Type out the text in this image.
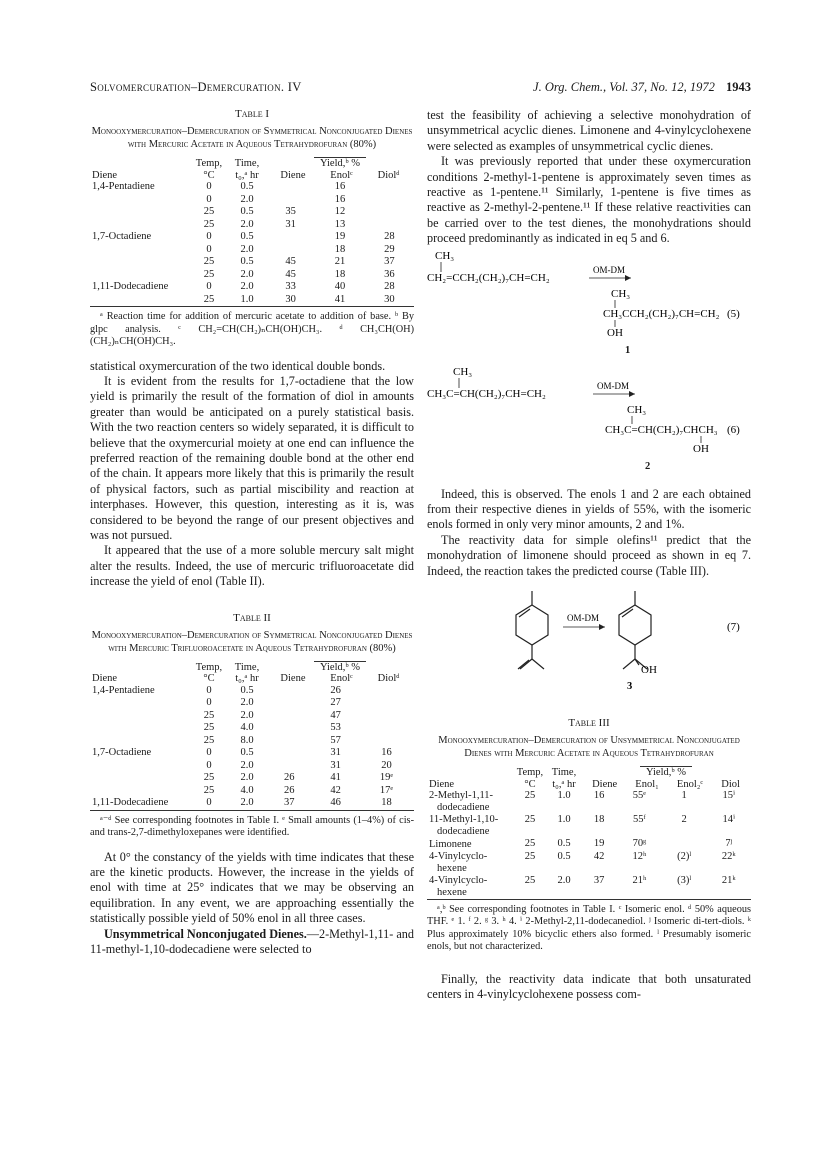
Solvomercuration–Demercuration. IV	J. Org. Chem., Vol. 37, No. 12, 1972 1943
Table I
Monooxymercuration–Demercuration of Symmetrical Nonconjugated Dienes with Mercuric Acetate in Aqueous Tetrahydrofuran (80%)
Diene	Temp, °C	Time, t₀,ᵃ hr	Yield,ᵇ %
Diene Enolᶜ Diolᵈ		

1,4-Pentadiene	0	0.5		16	
	0	2.0		16	
	25	0.5	35	12	
	25	2.0	31	13	
1,7-Octadiene	0	0.5		19	28
	0	2.0		18	29
	25	0.5	45	21	37
	25	2.0	45	18	36
1,11-Dodecadiene	0	2.0	33	40	28
	25	1.0	30	41	30
ᵃ Reaction time for addition of mercuric acetate to addition of base. ᵇ By glpc analysis. ᶜ CH₂=CH(CH₂)ₙCH(OH)CH₃. ᵈ CH₃CH(OH)(CH₂)ₙCH(OH)CH₃.

statistical oxymercuration of the two identical double bonds.

It is evident from the results for 1,7-octadiene that the low yield is primarily the result of the formation of diol in amounts greater than would be anticipated on a purely statistical basis. With the two reaction centers so widely separated, it is difficult to believe that the oxymercurial moiety at one end can influence the preferred reaction of the remaining double bond at the other end of the chain. It appears more likely that this is primarily the result of physical factors, such as partial miscibility and reaction at interphases. However, this question, interesting as it is, was considered to be beyond the range of our present objectives and was not pursued.

It appeared that the use of a more soluble mercury salt might alter the results. Indeed, the use of mercuric trifluoroacetate did increase the yield of enol (Table II).

Table II
Monooxymercuration–Demercuration of Symmetrical Nonconjugated Dienes with Mercuric Trifluoroacetate in Aqueous Tetrahydrofuran (80%)
Diene	Temp, °C	Time, t₀,ᵃ hr	Yield,ᵇ %
Diene Enolᶜ Diolᵈ		

1,4-Pentadiene	0	0.5		26	
	0	2.0		27	
	25	2.0		47	
	25	4.0		53	
	25	8.0		57	
1,7-Octadiene	0	0.5		31	16
	0	2.0		31	20
	25	2.0	26	41	19ᵉ
	25	4.0	26	42	17ᵉ
1,11-Dodecadiene	0	2.0	37	46	18
ᵃ⁻ᵈ See corresponding footnotes in Table I. ᵉ Small amounts (1–4%) of cis- and trans-2,7-dimethyloxepanes were identified.

At 0° the constancy of the yields with time indicates that these are the kinetic products. However, the increase in the yields of enol with time at 25° indicates that we may be observing an equilibration. In any event, we are approaching essentially the statistically possible yield of 50% enol in all three cases.

Unsymmetrical Nonconjugated Dienes.—2-Methyl-1,11- and 11-methyl-1,10-dodecadiene were selected to

test the feasibility of achieving a selective monohydration of unsymmetrical acyclic dienes. Limonene and 4-vinylcyclohexene were selected as examples of unsymmetrical cyclic dienes.

It was previously reported that under these oxymercuration conditions 2-methyl-1-pentene is approximately seven times as reactive as 1-pentene.¹¹ Similarly, 1-pentene is five times as reactive as 2-methyl-2-pentene.¹¹ If these relative reactivities can be carried over to the test dienes, the monohydrations should proceed predominantly as indicated in eq 5 and 6.

CH₃
CH₂=CCH₂(CH₂)₇CH=CH₂
OM-DM
CH₃
CH₃CCH₂(CH₂)₇CH=CH₂ (5)
OH
1
CH₃
CH₃C=CH(CH₂)₇CH=CH₂
OM-DM
CH₃
CH₃C=CH(CH₂)₇CHCH₃ (6)
OH
2

Indeed, this is observed. The enols 1 and 2 are each obtained from their respective dienes in yields of 55%, with the isomeric enols formed in only very minor amounts, 2 and 1%.

The reactivity data for simple olefins¹¹ predict that the monohydration of limonene should proceed as shown in eq 7. Indeed, the reaction takes the predicted course (Table III).

OM-DM
OH
3
(7)
Table III
Monooxymercuration–Demercuration of Unsymmetrical Nonconjugated Dienes with Mercuric Acetate in Aqueous Tetrahydrofuran
Diene	Temp, °C	Time, t₀,ᵃ hr	Yield,ᵇ %
Diene Enol₁ Enol₂ᶜ Diol			

2-Methyl-1,11-
dodecadiene	25	1.0	16	55ᵉ	1	15ⁱ

11-Methyl-1,10-
dodecadiene	25	1.0	18	55ᶠ	2	14ⁱ

Limonene	25	0.5	19	70ᵍ		7ʲ

4-Vinylcyclo-
hexene	25	0.5	42	12ʰ	(2)ˡ	22ᵏ

4-Vinylcyclo-
hexene	25	2.0	37	21ʰ	(3)ˡ	21ᵏ
ᵃ,ᵇ See corresponding footnotes in Table I. ᶜ Isomeric enol. ᵈ 50% aqueous THF. ᵉ 1. ᶠ 2. ᵍ 3. ʰ 4. ⁱ 2-Methyl-2,11-dodecanediol. ʲ Isomeric di-tert-diols. ᵏ Plus approximately 10% bicyclic ethers also formed. ˡ Presumably isomeric enols, but not characterized.

Finally, the reactivity data indicate that both unsaturated centers in 4-vinylcyclohexene possess com-
